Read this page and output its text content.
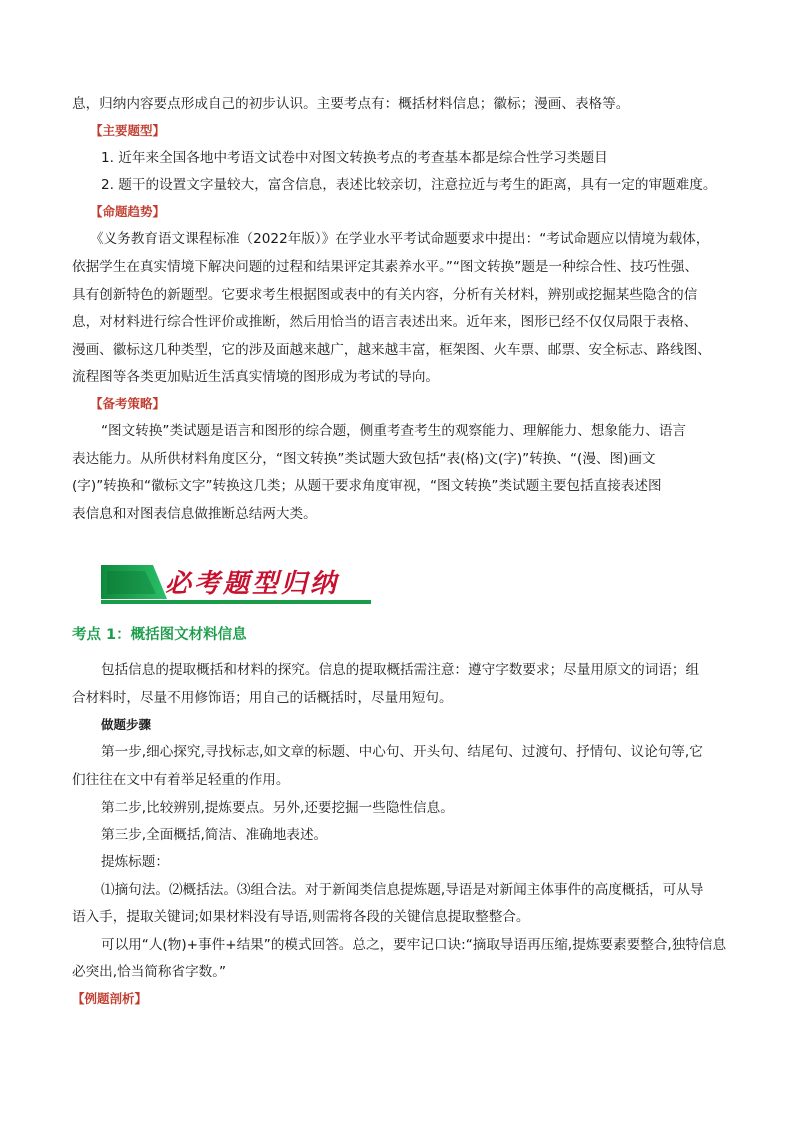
息，归纳内容要点形成自己的初步认识。主要考点有：概括材料信息；徽标；漫画、表格等。
【主要题型】
1. 近年来全国各地中考语文试卷中对图文转换考点的考查基本都是综合性学习类题目
2. 题干的设置文字量较大，富含信息，表述比较亲切，注意拉近与考生的距离，具有一定的审题难度。
【命题趋势】
《义务教育语文课程标准（2022年版）》在学业水平考试命题要求中提出：“考试命题应以情境为载体，
依据学生在真实情境下解决问题的过程和结果评定其素养水平。”“图文转换”题是一种综合性、技巧性强、
具有创新特色的新题型。它要求考生根据图或表中的有关内容，分析有关材料，辨别或挖掘某些隐含的信
息，对材料进行综合性评价或推断，然后用恰当的语言表述出来。近年来，图形已经不仅仅局限于表格、
漫画、徽标这几种类型，它的涉及面越来越广，越来越丰富，框架图、火车票、邮票、安全标志、路线图、
流程图等各类更加贴近生活真实情境的图形成为考试的导向。
【备考策略】
“图文转换”类试题是语言和图形的综合题，侧重考查考生的观察能力、理解能力、想象能力、语言
表达能力。从所供材料角度区分，“图文转换”类试题大致包括“表(格)文(字)”转换、“(漫、图)画文
(字)”转换和“徽标文字”转换这几类；从题干要求角度审视，“图文转换”类试题主要包括直接表述图
表信息和对图表信息做推断总结两大类。
必考题型归纳
考点 1：概括图文材料信息
包括信息的提取概括和材料的探究。信息的提取概括需注意：遵守字数要求；尽量用原文的词语；组
合材料时，尽量不用修饰语；用自己的话概括时，尽量用短句。
做题步骤
第一步,细心探究,寻找标志,如文章的标题、中心句、开头句、结尾句、过渡句、抒情句、议论句等,它
们往往在文中有着举足轻重的作用。
第二步,比较辨别,提炼要点。另外,还要挖掘一些隐性信息。
第三步,全面概括,简洁、准确地表述。
提炼标题：
⑴摘句法。⑵概括法。⑶组合法。对于新闻类信息提炼题,导语是对新闻主体事件的高度概括，可从导
语入手，提取关键词;如果材料没有导语,则需将各段的关键信息提取整整合。
可以用“人(物)+事件+结果”的模式回答。总之，要牢记口诀:“摘取导语再压缩,提炼要素要整合,独特信息
必突出,恰当简称省字数。”
【例题剖析】
